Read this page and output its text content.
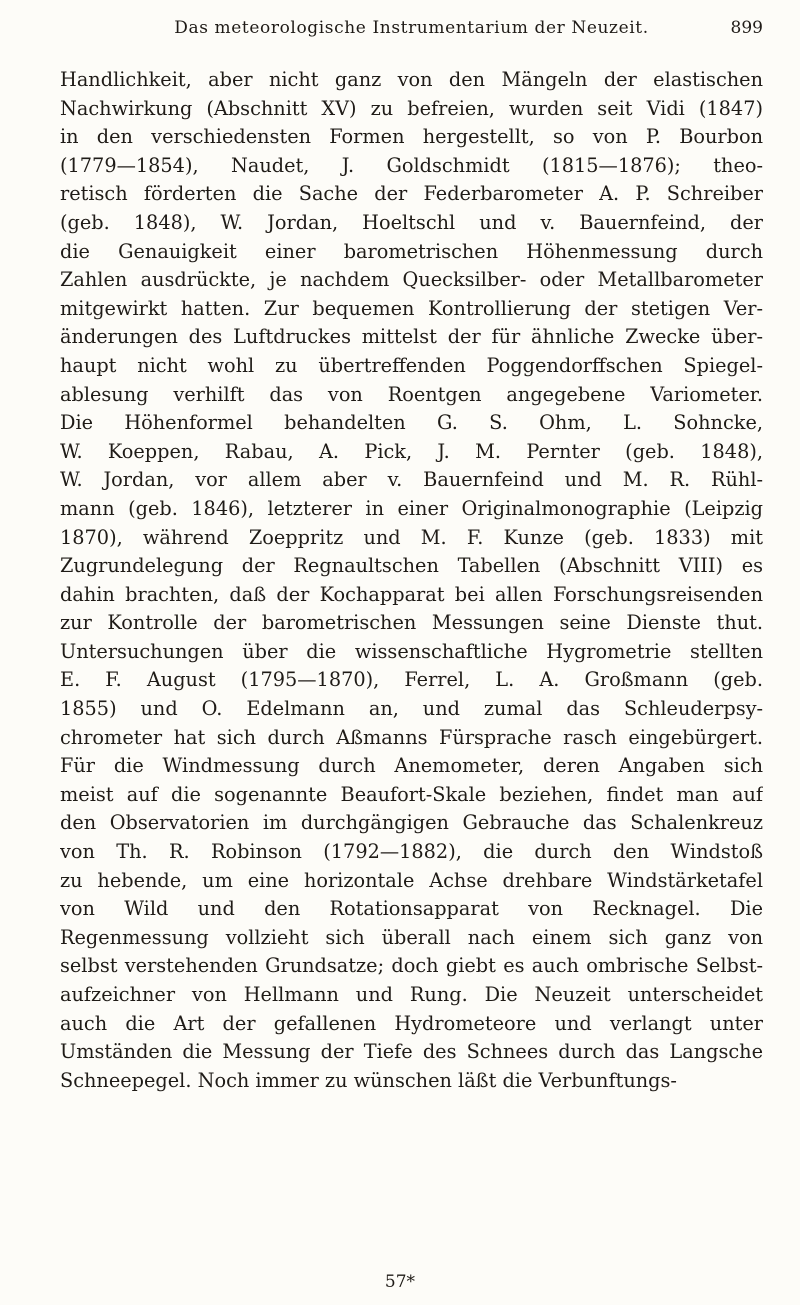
Das meteorologische Instrumentarium der Neuzeit.	899
Handlichkeit, aber nicht ganz von den Mängeln der elastischen
Nachwirkung (Abschnitt XV) zu befreien, wurden seit Vidi (1847)
in den verschiedensten Formen hergestellt, so von P. Bourbon
(1779—1854), Naudet, J. Goldschmidt (1815—1876); theo-
retisch förderten die Sache der Federbarometer A. P. Schreiber
(geb. 1848), W. Jordan, Hoeltschl und v. Bauernfeind, der
die Genauigkeit einer barometrischen Höhenmessung durch
Zahlen ausdrückte, je nachdem Quecksilber- oder Metallbarometer
mitgewirkt hatten. Zur bequemen Kontrollierung der stetigen Ver-
änderungen des Luftdruckes mittelst der für ähnliche Zwecke über-
haupt nicht wohl zu übertreffenden Poggendorffschen Spiegel-
ablesung verhilft das von Roentgen angegebene Variometer.
Die Höhenformel behandelten G. S. Ohm, L. Sohncke,
W. Koeppen, Rabau, A. Pick, J. M. Pernter (geb. 1848),
W. Jordan, vor allem aber v. Bauernfeind und M. R. Rühl-
mann (geb. 1846), letzterer in einer Originalmonographie (Leipzig
1870), während Zoeppritz und M. F. Kunze (geb. 1833) mit
Zugrundelegung der Regnaultschen Tabellen (Abschnitt VIII) es
dahin brachten, daß der Kochapparat bei allen Forschungsreisenden
zur Kontrolle der barometrischen Messungen seine Dienste thut.
Untersuchungen über die wissenschaftliche Hygrometrie stellten
E. F. August (1795—1870), Ferrel, L. A. Großmann (geb.
1855) und O. Edelmann an, und zumal das Schleuderpsy-
chrometer hat sich durch Aßmanns Fürsprache rasch eingebürgert.
Für die Windmessung durch Anemometer, deren Angaben sich
meist auf die sogenannte Beaufort-Skale beziehen, findet man auf
den Observatorien im durchgängigen Gebrauche das Schalenkreuz
von Th. R. Robinson (1792—1882), die durch den Windstoß
zu hebende, um eine horizontale Achse drehbare Windstärketafel
von Wild und den Rotationsapparat von Recknagel. Die
Regenmessung vollzieht sich überall nach einem sich ganz von
selbst verstehenden Grundsatze; doch giebt es auch ombrische Selbst-
aufzeichner von Hellmann und Rung. Die Neuzeit unterscheidet
auch die Art der gefallenen Hydrometeore und verlangt unter
Umständen die Messung der Tiefe des Schnees durch das Langsche
Schneepegel. Noch immer zu wünschen läßt die Verbunftungs-
57*
